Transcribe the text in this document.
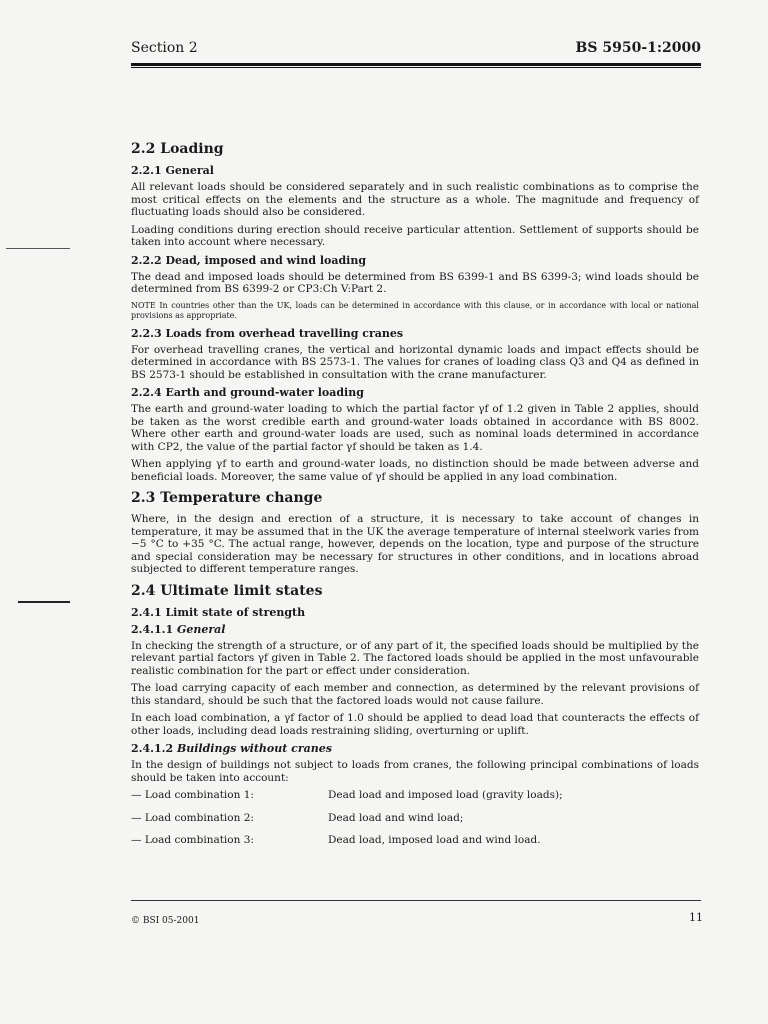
Section 2	BS 5950-1:2000
2.2 Loading
2.2.1 General

All relevant loads should be considered separately and in such realistic combinations as to comprise the most critical effects on the elements and the structure as a whole. The magnitude and frequency of fluctuating loads should also be considered.

Loading conditions during erection should receive particular attention. Settlement of supports should be taken into account where necessary.

2.2.2 Dead, imposed and wind loading

The dead and imposed loads should be determined from BS 6399-1 and BS 6399-3; wind loads should be determined from BS 6399-2 or CP3:Ch V:Part 2.

NOTE In countries other than the UK, loads can be determined in accordance with this clause, or in accordance with local or national provisions as appropriate.

2.2.3 Loads from overhead travelling cranes

For overhead travelling cranes, the vertical and horizontal dynamic loads and impact effects should be determined in accordance with BS 2573-1. The values for cranes of loading class Q3 and Q4 as defined in BS 2573-1 should be established in consultation with the crane manufacturer.

2.2.4 Earth and ground-water loading

The earth and ground-water loading to which the partial factor γf of 1.2 given in Table 2 applies, should be taken as the worst credible earth and ground-water loads obtained in accordance with BS 8002. Where other earth and ground-water loads are used, such as nominal loads determined in accordance with CP2, the value of the partial factor γf should be taken as 1.4.

When applying γf to earth and ground-water loads, no distinction should be made between adverse and beneficial loads. Moreover, the same value of γf should be applied in any load combination.

2.3 Temperature change

Where, in the design and erection of a structure, it is necessary to take account of changes in temperature, it may be assumed that in the UK the average temperature of internal steelwork varies from −5 °C to +35 °C. The actual range, however, depends on the location, type and purpose of the structure and special consideration may be necessary for structures in other conditions, and in locations abroad subjected to different temperature ranges.

2.4 Ultimate limit states
2.4.1 Limit state of strength
2.4.1.1 General

In checking the strength of a structure, or of any part of it, the specified loads should be multiplied by the relevant partial factors γf given in Table 2. The factored loads should be applied in the most unfavourable realistic combination for the part or effect under consideration.

The load carrying capacity of each member and connection, as determined by the relevant provisions of this standard, should be such that the factored loads would not cause failure.

In each load combination, a γf factor of 1.0 should be applied to dead load that counteracts the effects of other loads, including dead loads restraining sliding, overturning or uplift.

2.4.1.2 Buildings without cranes

In the design of buildings not subject to loads from cranes, the following principal combinations of loads should be taken into account:

— Load combination 1:	Dead load and imposed load (gravity loads);
— Load combination 2:	Dead load and wind load;
— Load combination 3:	Dead load, imposed load and wind load.
© BSI 05-2001	11
